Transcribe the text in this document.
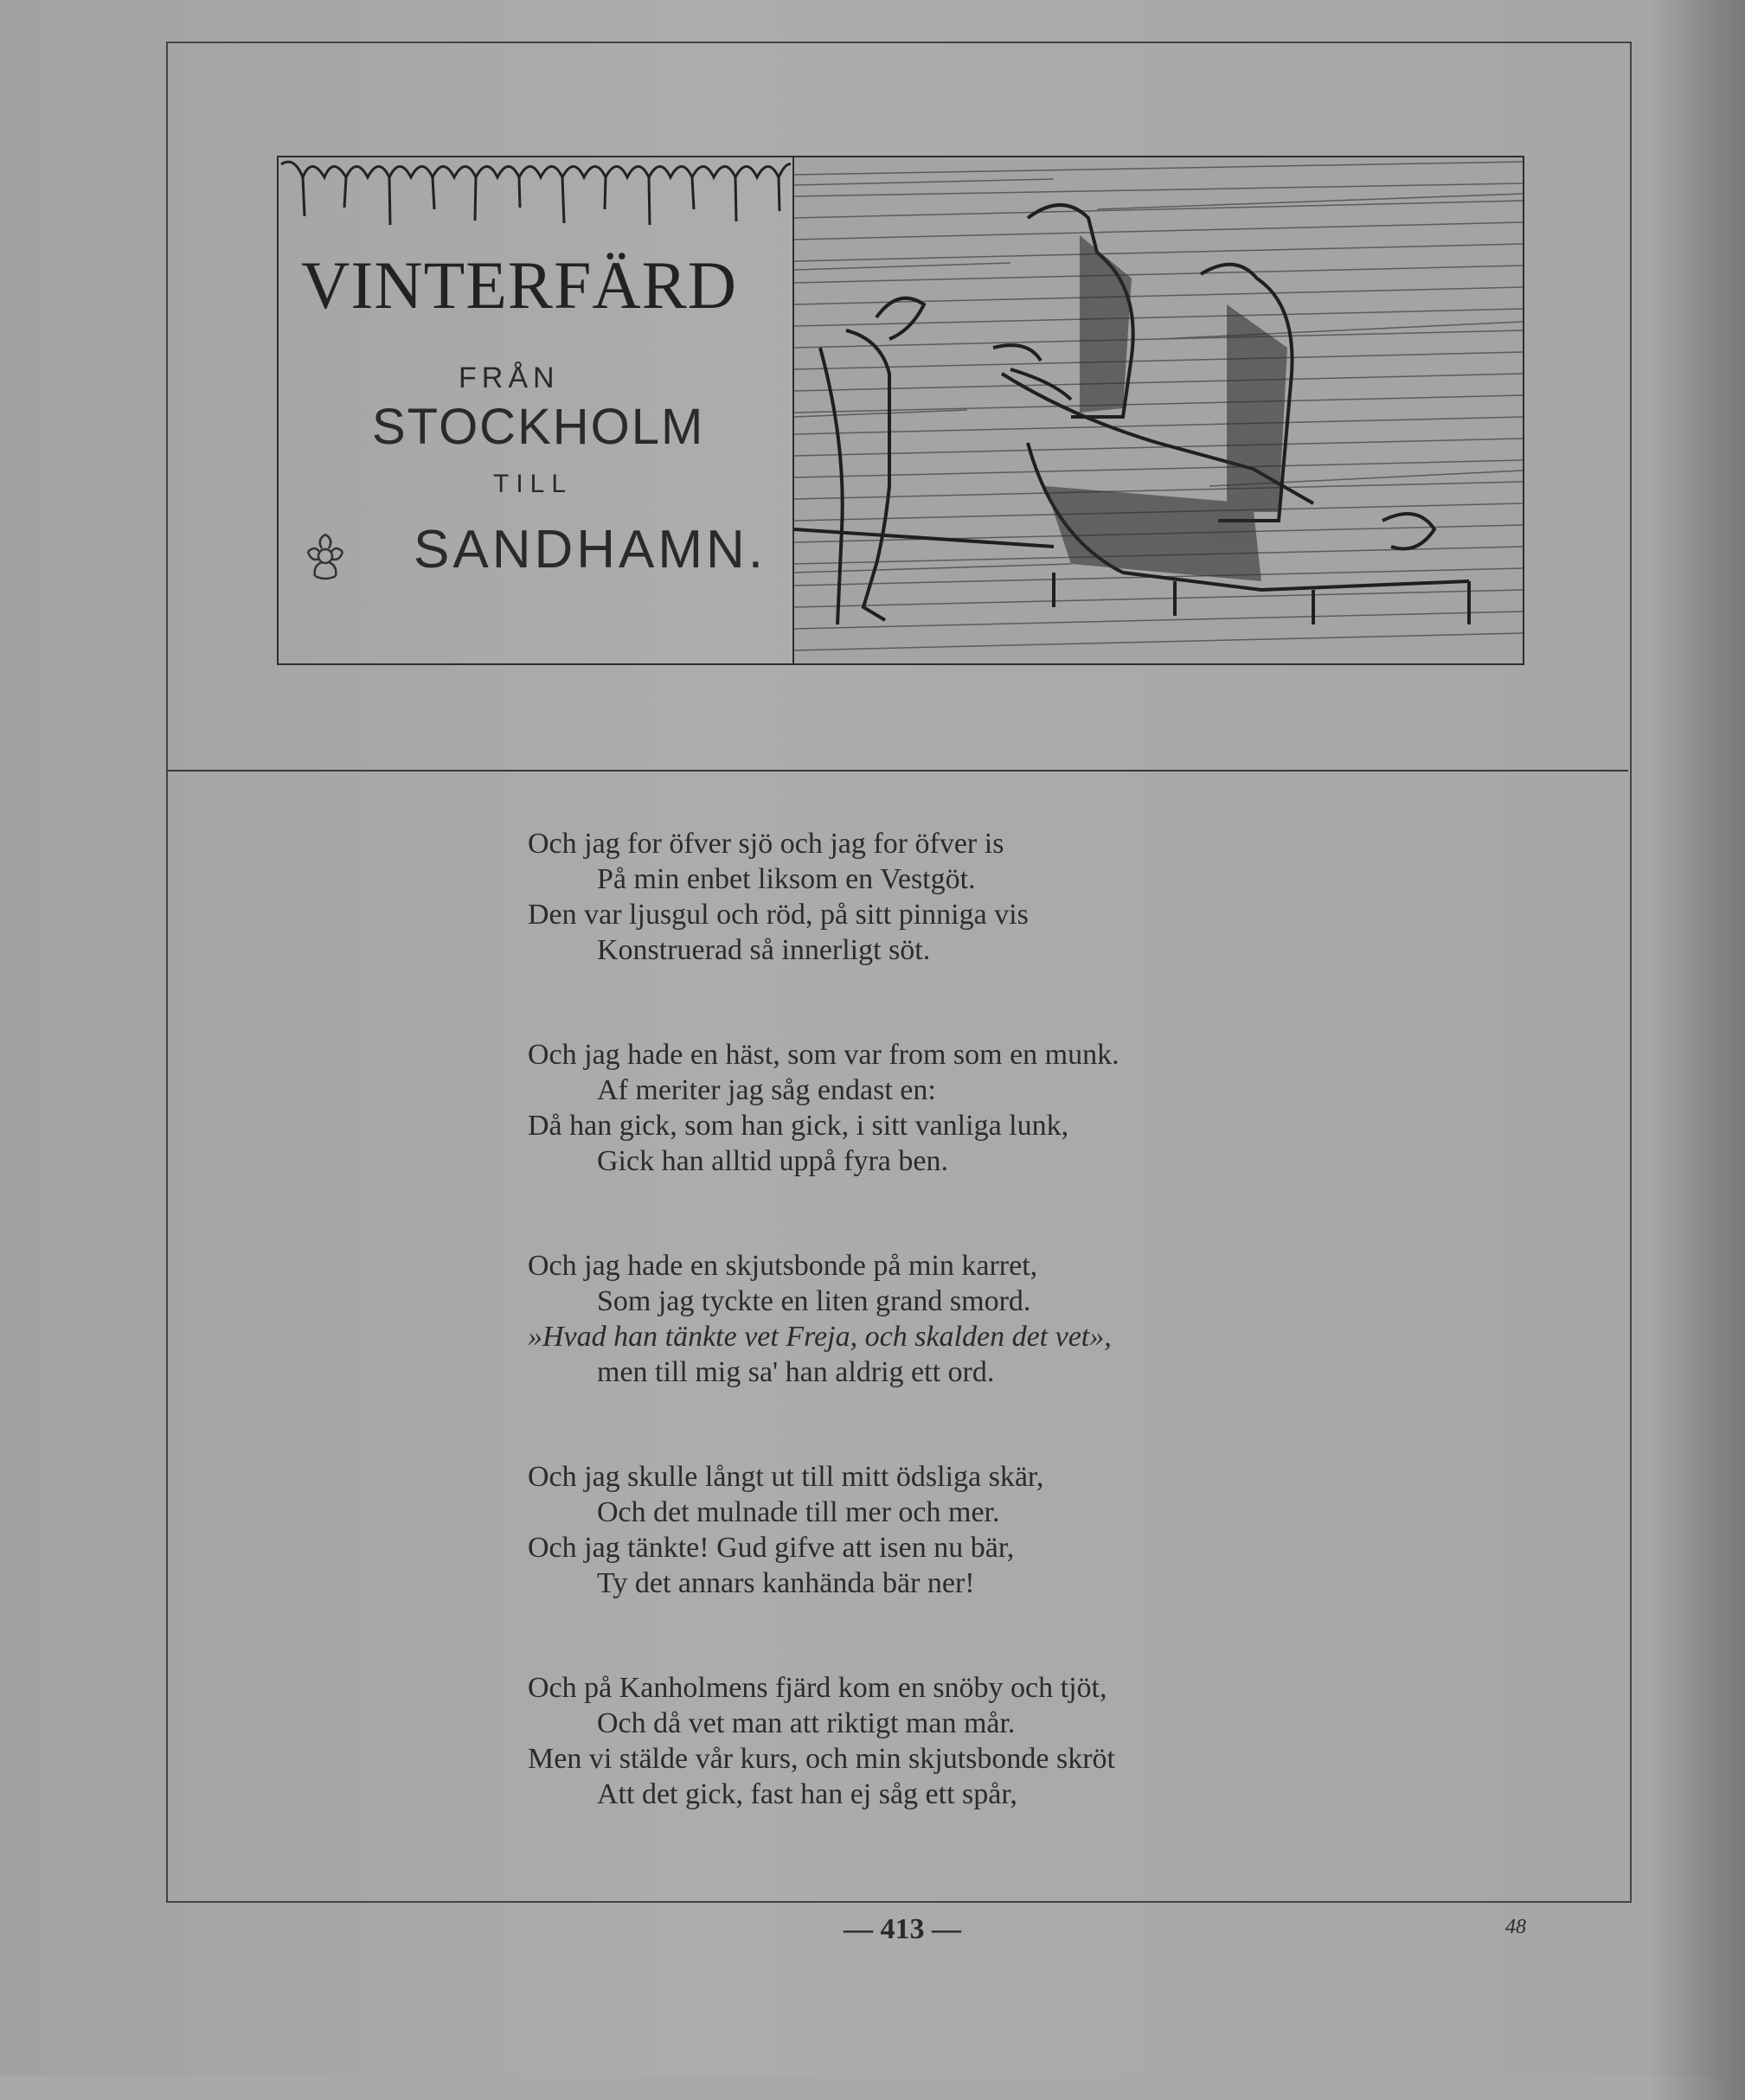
VINTERFÄRD
FRÅN
STOCKHOLM
TILL
SANDHAMN.
Och jag for öfver sjö och jag for öfver is
På min enbet liksom en Vestgöt.
Den var ljusgul och röd, på sitt pinniga vis
Konstruerad så innerligt söt.
Och jag hade en häst, som var from som en munk.
Af meriter jag såg endast en:
Då han gick, som han gick, i sitt vanliga lunk,
Gick han alltid uppå fyra ben.
Och jag hade en skjutsbonde på min karret,
Som jag tyckte en liten grand smord.
»Hvad han tänkte vet Freja, och skalden det vet»,
men till mig sa' han aldrig ett ord.
Och jag skulle långt ut till mitt ödsliga skär,
Och det mulnade till mer och mer.
Och jag tänkte! Gud gifve att isen nu bär,
Ty det annars kanhända bär ner!
Och på Kanholmens fjärd kom en snöby och tjöt,
Och då vet man att riktigt man mår.
Men vi stälde vår kurs, och min skjutsbonde skröt
Att det gick, fast han ej såg ett spår,
— 413 —	48
